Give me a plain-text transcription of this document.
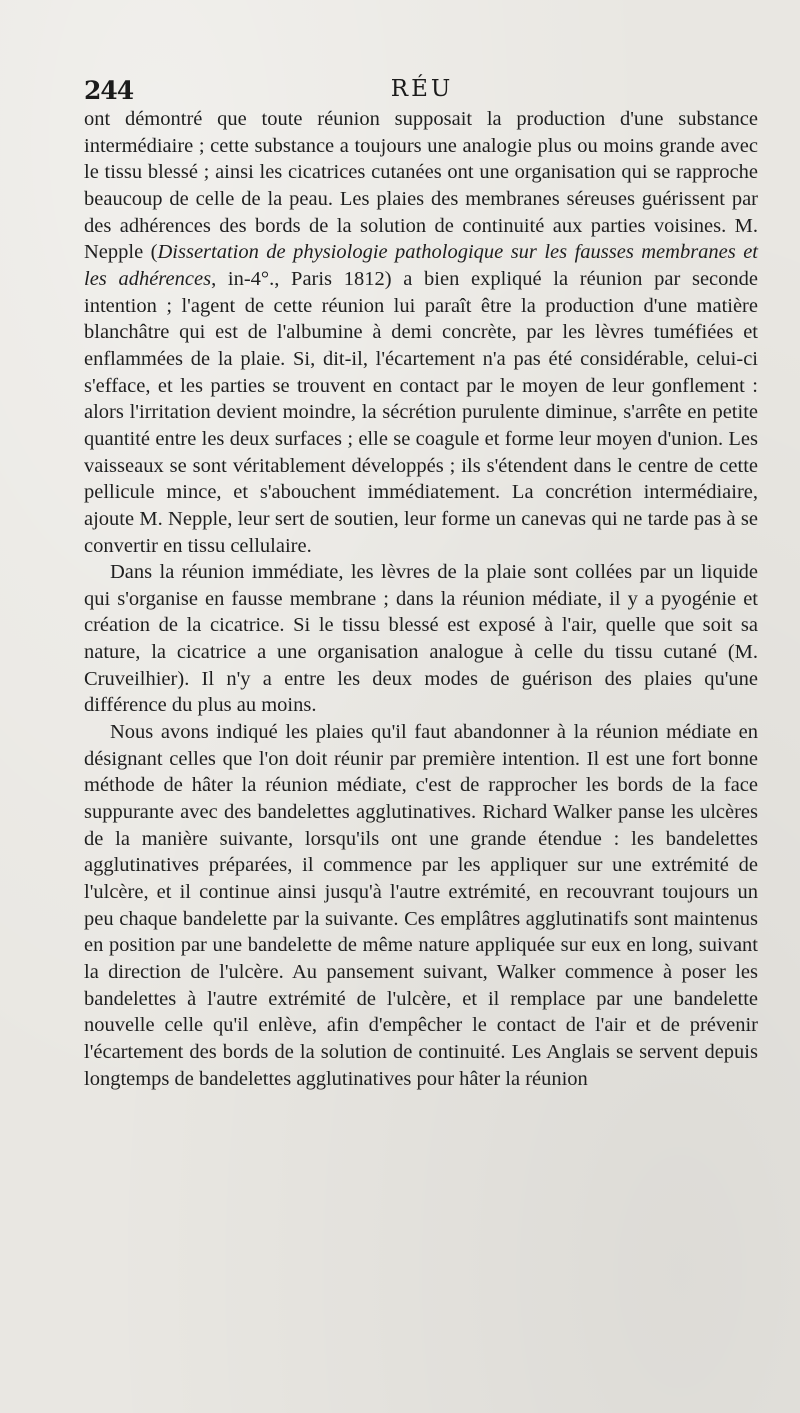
244	RÉU

ont démontré que toute réunion supposait la production d'une substance intermédiaire ; cette substance a toujours une analogie plus ou moins grande avec le tissu blessé ; ainsi les cicatrices cutanées ont une organisation qui se rapproche beaucoup de celle de la peau. Les plaies des membranes séreuses guérissent par des adhérences des bords de la solution de continuité aux parties voisines. M. Nepple (Dissertation de physiologie pathologique sur les fausses membranes et les adhérences, in-4°., Paris 1812) a bien expliqué la réunion par seconde intention ; l'agent de cette réunion lui paraît être la production d'une matière blanchâtre qui est de l'albumine à demi concrète, par les lèvres tuméfiées et enflammées de la plaie. Si, dit-il, l'écartement n'a pas été considérable, celui-ci s'efface, et les parties se trouvent en contact par le moyen de leur gonflement : alors l'irritation devient moindre, la sécrétion purulente diminue, s'arrête en petite quantité entre les deux surfaces ; elle se coagule et forme leur moyen d'union. Les vaisseaux se sont véritablement développés ; ils s'étendent dans le centre de cette pellicule mince, et s'abouchent immédiatement. La concrétion intermédiaire, ajoute M. Nepple, leur sert de soutien, leur forme un canevas qui ne tarde pas à se convertir en tissu cellulaire.

Dans la réunion immédiate, les lèvres de la plaie sont collées par un liquide qui s'organise en fausse membrane ; dans la réunion médiate, il y a pyogénie et création de la cicatrice. Si le tissu blessé est exposé à l'air, quelle que soit sa nature, la cicatrice a une organisation analogue à celle du tissu cutané (M. Cruveilhier). Il n'y a entre les deux modes de guérison des plaies qu'une différence du plus au moins.

Nous avons indiqué les plaies qu'il faut abandonner à la réunion médiate en désignant celles que l'on doit réunir par première intention. Il est une fort bonne méthode de hâter la réunion médiate, c'est de rapprocher les bords de la face suppurante avec des bandelettes agglutinatives. Richard Walker panse les ulcères de la manière suivante, lorsqu'ils ont une grande étendue : les bandelettes agglutinatives préparées, il commence par les appliquer sur une extrémité de l'ulcère, et il continue ainsi jusqu'à l'autre extrémité, en recouvrant toujours un peu chaque bandelette par la suivante. Ces emplâtres agglutinatifs sont maintenus en position par une bandelette de même nature appliquée sur eux en long, suivant la direction de l'ulcère. Au pansement suivant, Walker commence à poser les bandelettes à l'autre extrémité de l'ulcère, et il remplace par une bandelette nouvelle celle qu'il enlève, afin d'empêcher le contact de l'air et de prévenir l'écartement des bords de la solution de continuité. Les Anglais se servent depuis longtemps de bandelettes agglutinatives pour hâter la réunion
